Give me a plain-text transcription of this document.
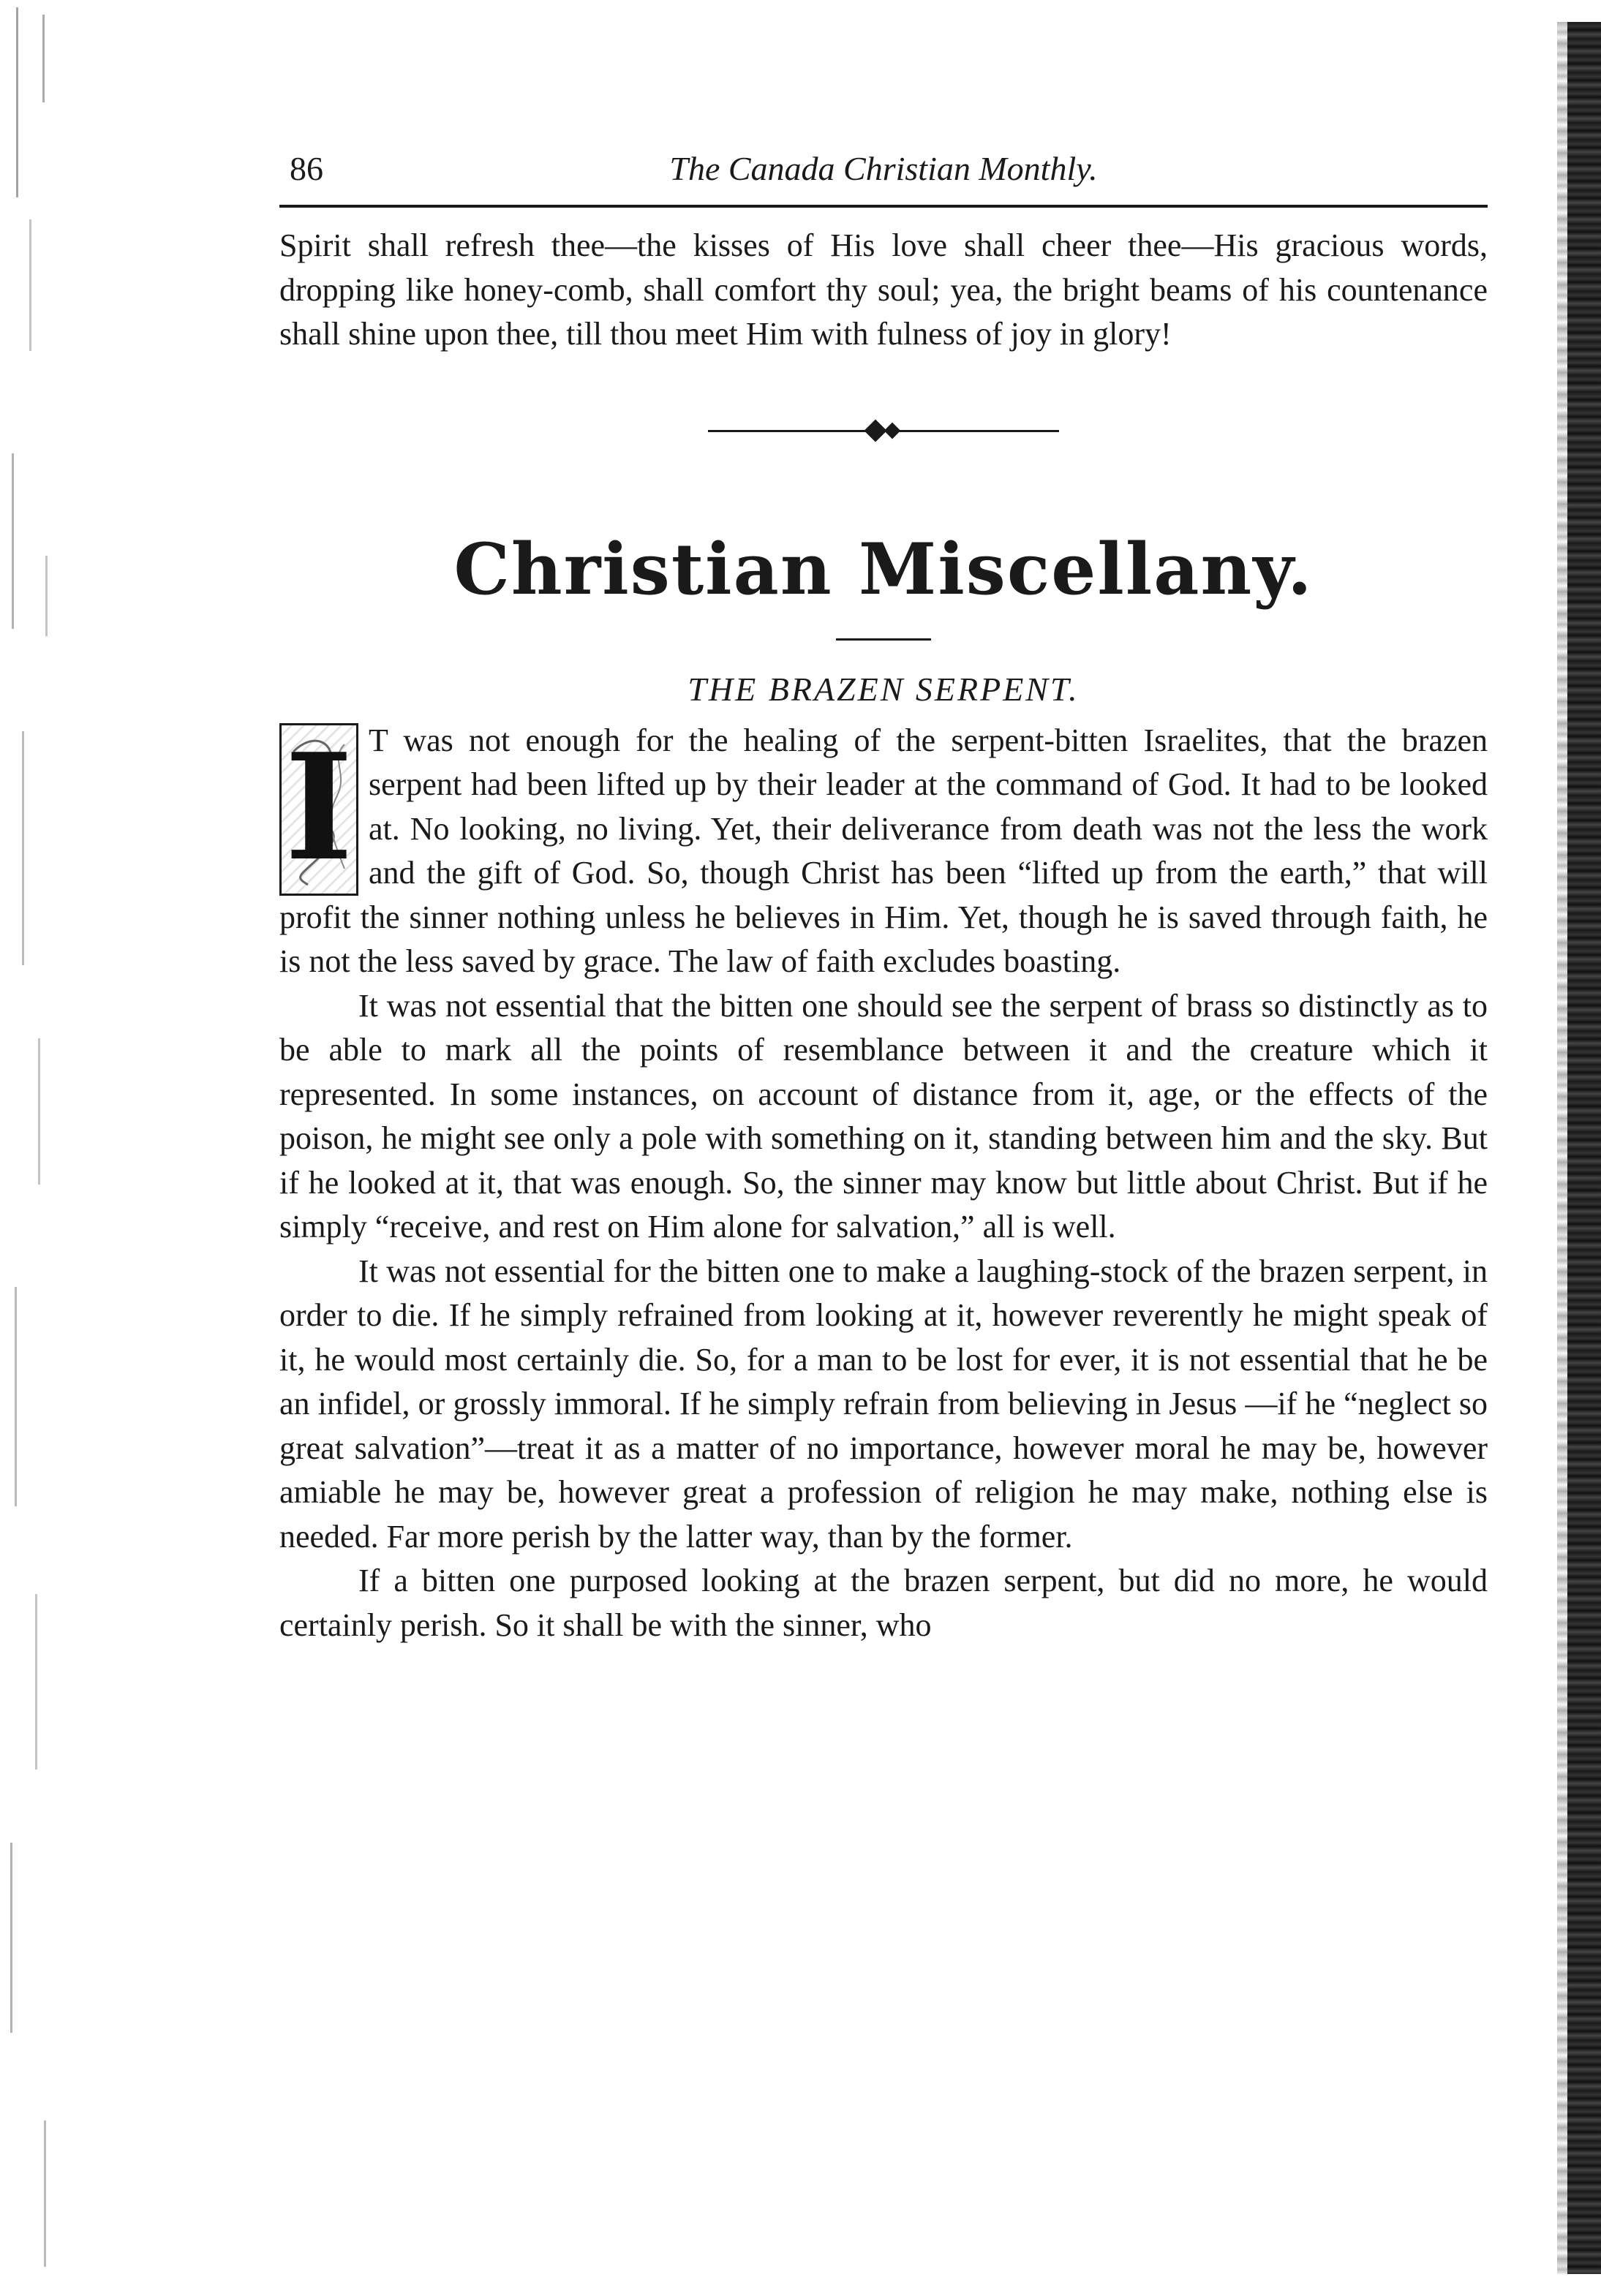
86	The Canada Christian Monthly.

Spirit shall refresh thee—the kisses of His love shall cheer thee—His gracious words, dropping like honey-comb, shall comfort thy soul; yea, the bright beams of his countenance shall shine upon thee, till thou meet Him with fulness of joy in glory!

Christian Miscellany.
THE BRAZEN SERPENT.

I T was not enough for the healing of the serpent-bitten Israelites, that the brazen serpent had been lifted up by their leader at the command of God. It had to be looked at. No looking, no living. Yet, their deliverance from death was not the less the work and the gift of God. So, though Christ has been “lifted up from the earth,” that will profit the sinner nothing unless he believes in Him. Yet, though he is saved through faith, he is not the less saved by grace. The law of faith excludes boasting.

It was not essential that the bitten one should see the serpent of brass so distinctly as to be able to mark all the points of resemblance between it and the creature which it represented. In some instances, on account of distance from it, age, or the effects of the poison, he might see only a pole with something on it, standing between him and the sky. But if he looked at it, that was enough. So, the sinner may know but little about Christ. But if he simply “receive, and rest on Him alone for salvation,” all is well.

It was not essential for the bitten one to make a laughing-stock of the brazen serpent, in order to die. If he simply refrained from looking at it, however reverently he might speak of it, he would most certainly die. So, for a man to be lost for ever, it is not essential that he be an infidel, or grossly immoral. If he simply refrain from believing in Jesus —if he “neglect so great salvation”—treat it as a matter of no importance, however moral he may be, however amiable he may be, however great a profession of religion he may make, nothing else is needed. Far more perish by the latter way, than by the former.

If a bitten one purposed looking at the brazen serpent, but did no more, he would certainly perish. So it shall be with the sinner, who
